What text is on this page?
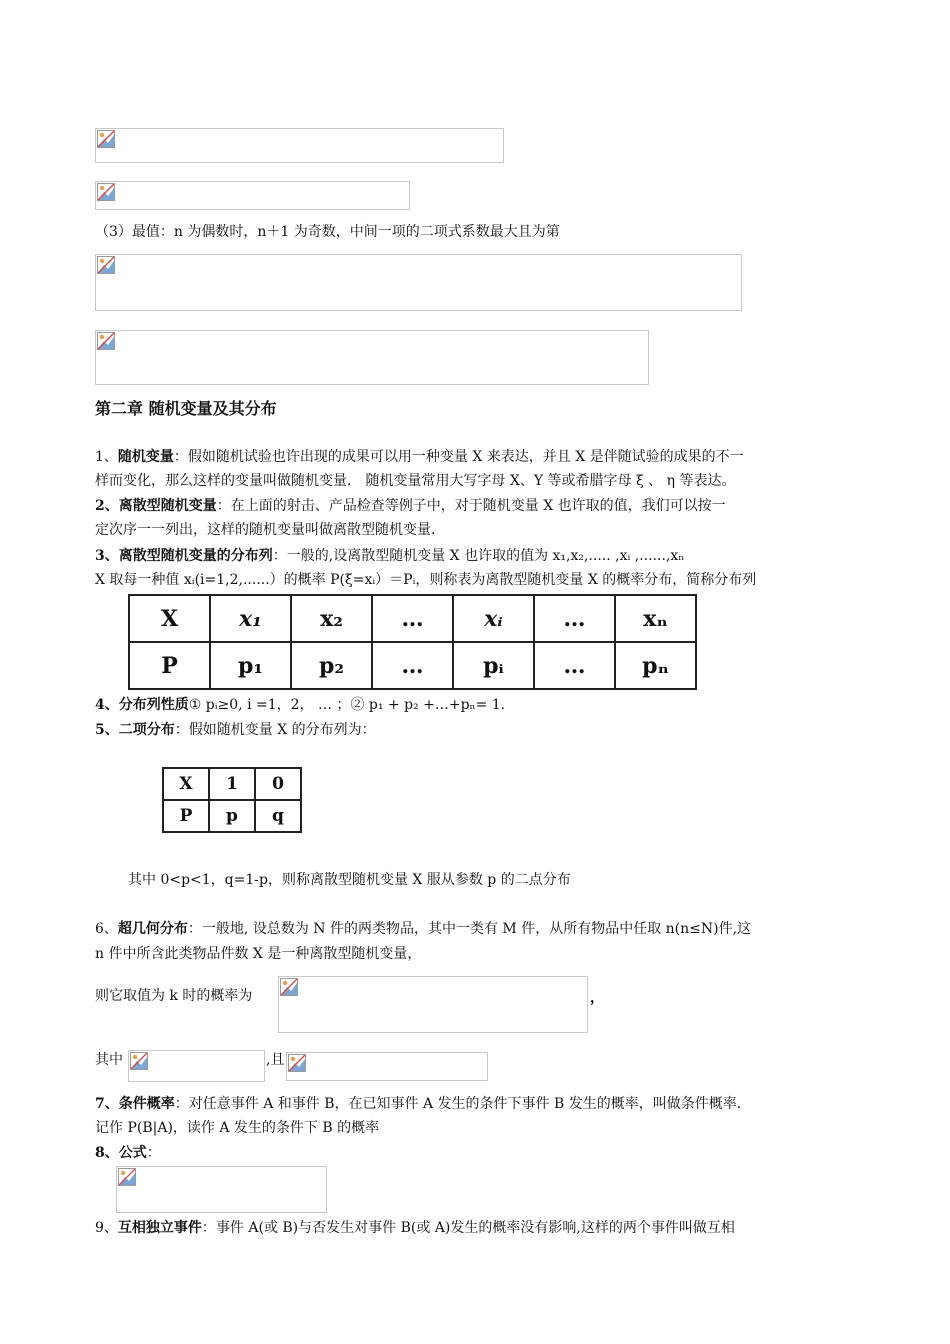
（3）最值：n 为偶数时，n＋1 为奇数，中间一项的二项式系数最大且为第
第二章 随机变量及其分布
1、随机变量：假如随机试验也许出现的成果可以用一种变量 X 来表达，并且 X 是伴随试验的成果的不一
样而变化，那么这样的变量叫做随机变量． 随机变量常用大写字母 X、Y 等或希腊字母 ξ 、 η 等表达。
2、离散型随机变量：在上面的射击、产品检查等例子中，对于随机变量 X 也许取的值，我们可以按一
定次序一一列出，这样的随机变量叫做离散型随机变量.
3、离散型随机变量的分布列：一般的,设离散型随机变量 X 也许取的值为 x₁,x₂,..... ,xᵢ ,......,xₙ
X 取每一种值 xᵢ(i=1,2,......）的概率 P(ξ=xᵢ）＝Pᵢ，则称表为离散型随机变量 X 的概率分布，简称分布列
X	x₁	x₂	…	xᵢ	…	xₙ
P	p₁	p₂	…	pᵢ	…	pₙ
4、分布列性质① pᵢ≥0, i =1，2， … ；② p₁ + p₂ +…+pₙ= 1．
5、二项分布：假如随机变量 X 的分布列为：
X	1	0
P	p	q
其中 0<p<1，q=1-p，则称离散型随机变量 X 服从参数 p 的二点分布
6、超几何分布：一般地, 设总数为 N 件的两类物品，其中一类有 M 件，从所有物品中任取 n(n≤N)件,这
n 件中所含此类物品件数 X 是一种离散型随机变量，
则它取值为 k 时的概率为	，
其中	,且
7、条件概率：对任意事件 A 和事件 B，在已知事件 A 发生的条件下事件 B 发生的概率，叫做条件概率.
记作 P(B|A)，读作 A 发生的条件下 B 的概率
8、公式：
9、互相独立事件：事件 A(或 B)与否发生对事件 B(或 A)发生的概率没有影响,这样的两个事件叫做互相
